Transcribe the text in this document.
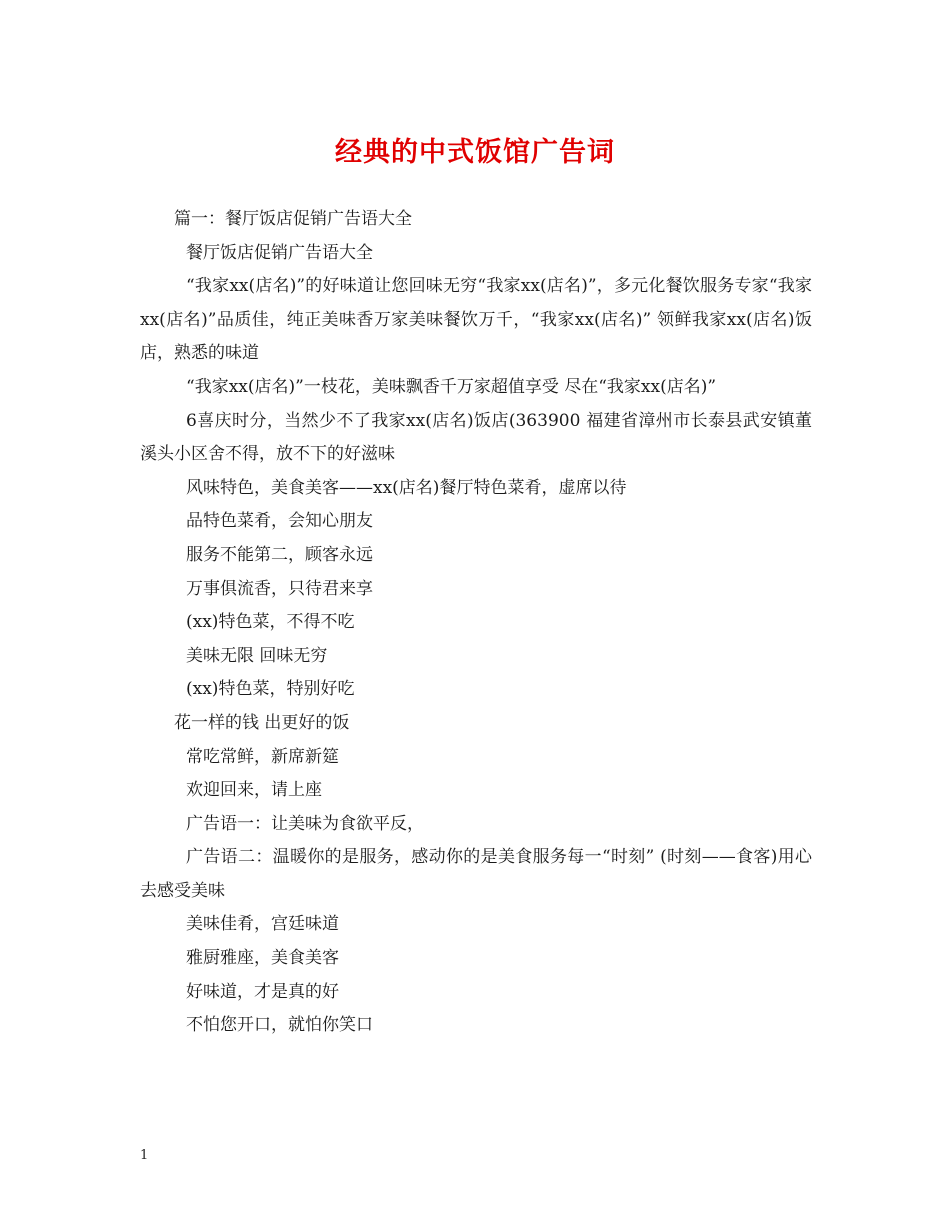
经典的中式饭馆广告词

篇一：餐厅饭店促销广告语大全

餐厅饭店促销广告语大全

“我家xx(店名)”的好味道让您回味无穷“我家xx(店名)”，多元化餐饮服务专家“我家xx(店名)”品质佳，纯正美味香万家美味餐饮万千，“我家xx(店名)” 领鲜我家xx(店名)饭店，熟悉的味道

“我家xx(店名)”一枝花，美味飘香千万家超值享受 尽在“我家xx(店名)”

6喜庆时分，当然少不了我家xx(店名)饭店(363900 福建省漳州市长泰县武安镇董溪头小区舍不得，放不下的好滋味

风味特色，美食美客——xx(店名)餐厅特色菜肴，虚席以待

品特色菜肴，会知心朋友

服务不能第二，顾客永远

万事俱流香，只待君来享

(xx)特色菜，不得不吃

美味无限 回味无穷

(xx)特色菜，特别好吃

花一样的钱 出更好的饭

常吃常鲜，新席新筵

欢迎回来，请上座

广告语一：让美味为食欲平反，

广告语二：温暖你的是服务，感动你的是美食服务每一“时刻” (时刻——食客)用心去感受美味

美味佳肴，宫廷味道

雅厨雅座，美食美客

好味道，才是真的好

不怕您开口，就怕你笑口

1
